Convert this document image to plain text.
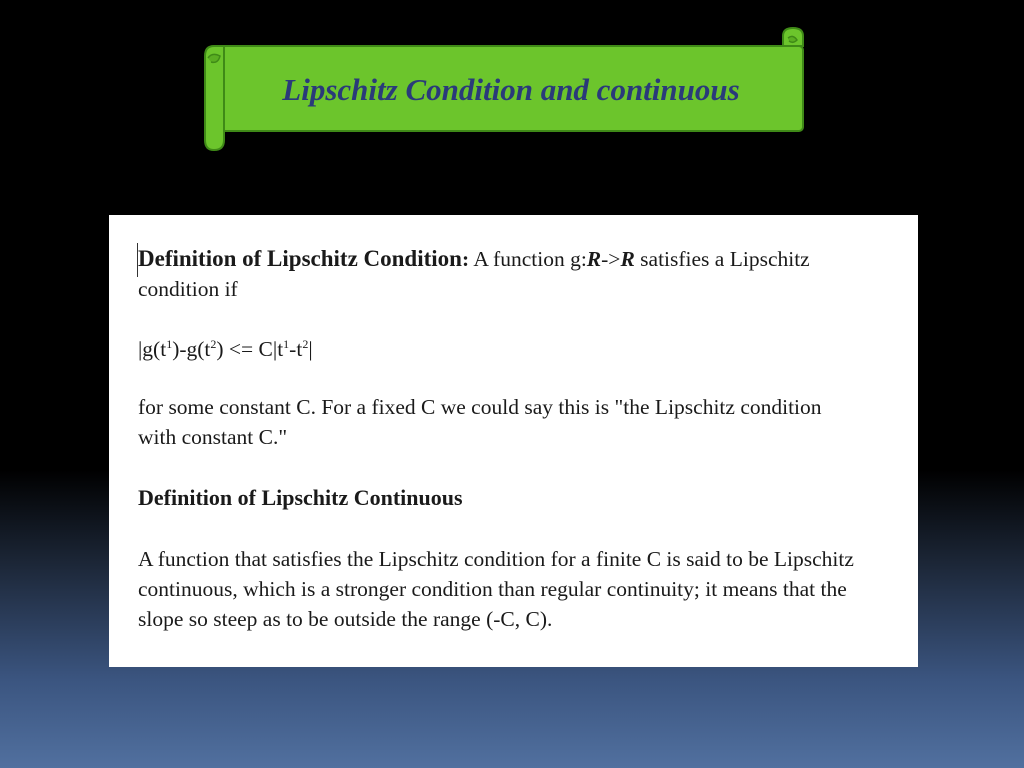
Definition of Lipschitz Condition: A function g:R->R satisfies a Lipschitz condition if

$|g(t^1)-g(t^2) <= C|t^1-t^2|$

for some constant C. For a fixed C we could say this is "the Lipschitz condition with constant C."

Definition of Lipschitz Continuous

A function that satisfies the Lipschitz condition for a finite C is said to be Lipschitz continuous, which is a stronger condition than regular continuity; it means that the slope so steep as to be outside the range (-C, C).
